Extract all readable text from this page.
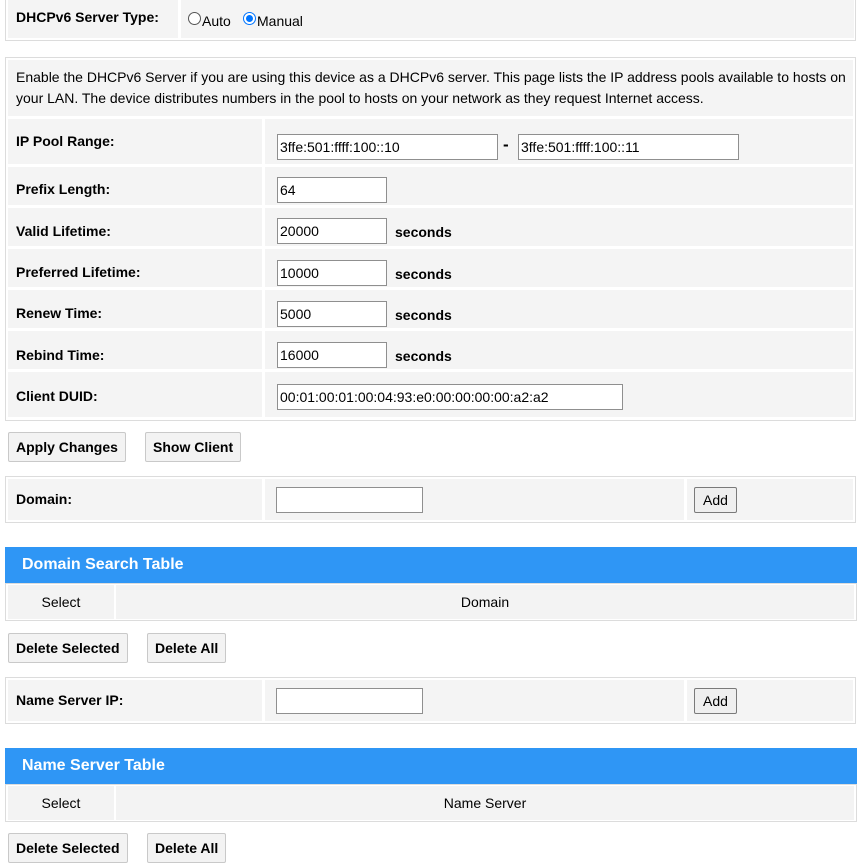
DHCPv6 Server Type:	Auto Manual
Enable the DHCPv6 Server if you are using this device as a DHCPv6 server. This page lists the IP address pools available to hosts on your LAN. The device distributes numbers in the pool to hosts on your network as they request Internet access.
IP Pool Range:
3ffe:501:ffff:100::10	-
3ffe:501:ffff:100::11
Prefix Length:
64
Valid Lifetime:
20000	seconds
Preferred Lifetime:
10000	seconds
Renew Time:
5000	seconds
Rebind Time:
16000	seconds
Client DUID:
00:01:00:01:00:04:93:e0:00:00:00:00:a2:a2
Apply Changes	Show Client
Domain:	Add
Domain Search Table
Select	Domain
Delete Selected	Delete All
Name Server IP:	Add
Name Server Table
Select	Name Server
Delete Selected	Delete All
